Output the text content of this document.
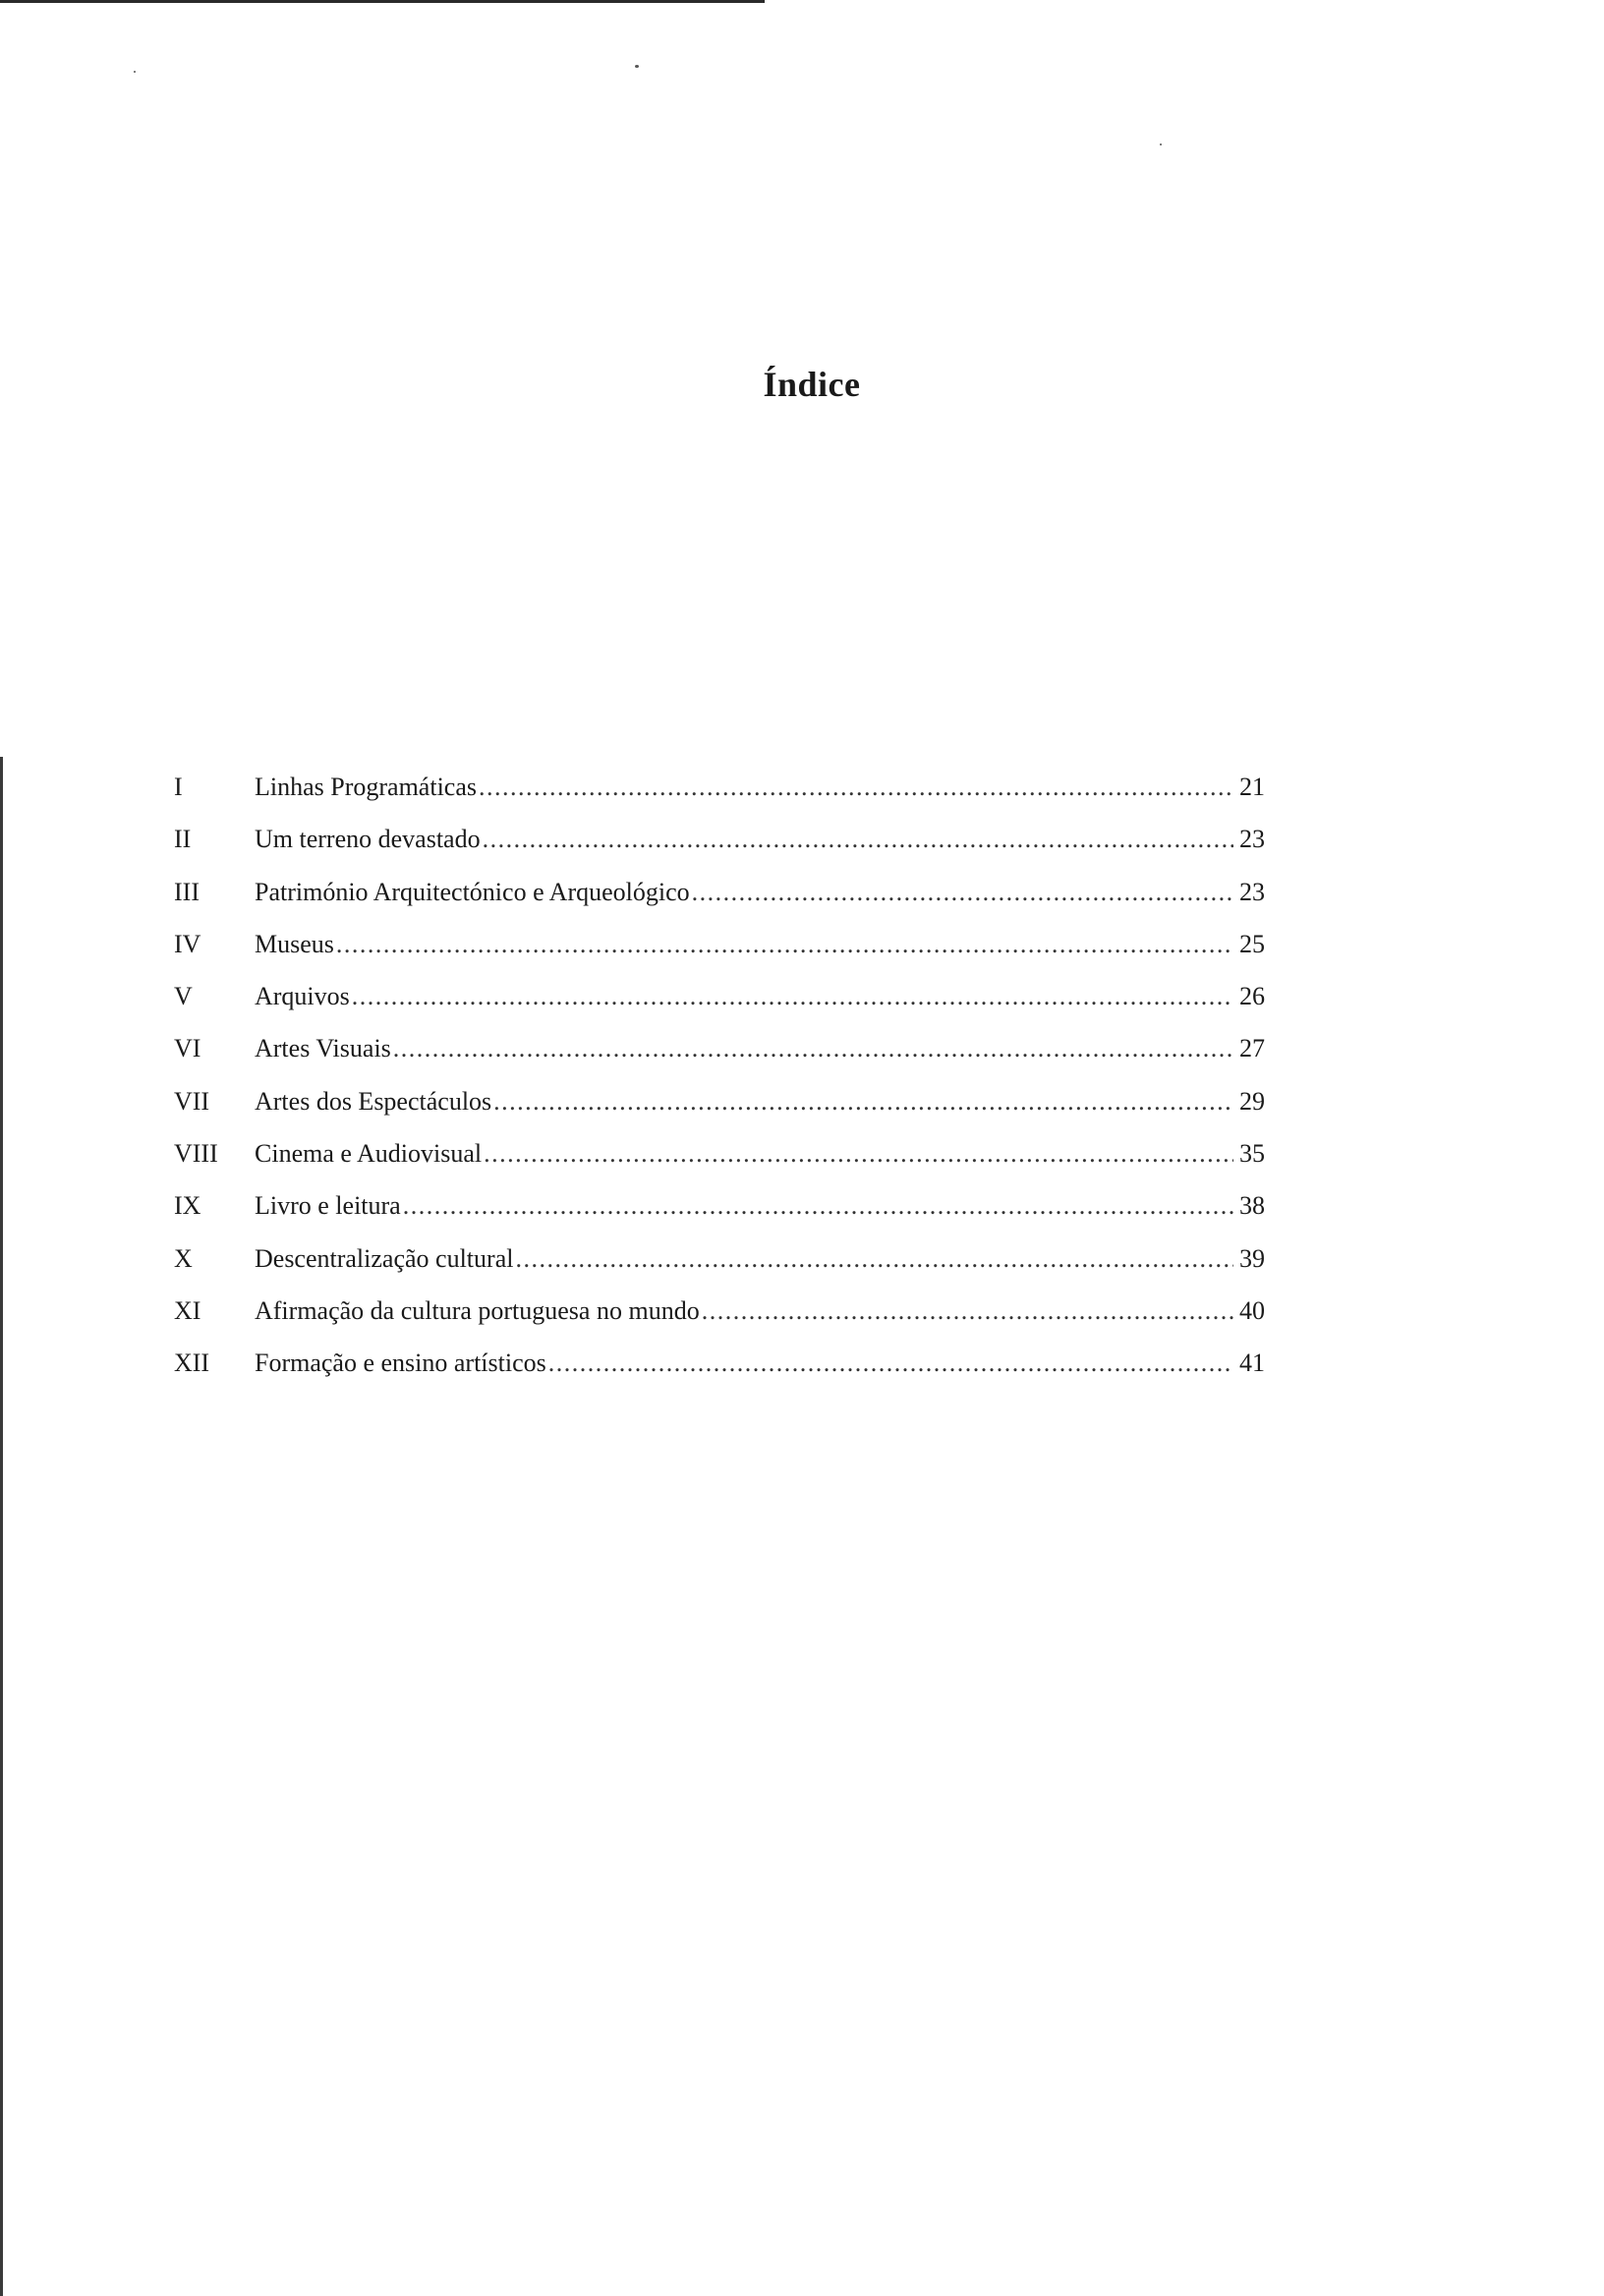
Índice
I	Linhas Programáticas .....	21
II	Um terreno devastado .....	23
III	Património Arquitectónico e Arqueológico .....	23
IV	Museus .....	25
V	Arquivos .....	26
VI	Artes Visuais .....	27
VII	Artes dos Espectáculos .....	29
VIII	Cinema e Audiovisual .....	35
IX	Livro e leitura .....	38
X	Descentralização cultural .....	39
XI	Afirmação da cultura portuguesa no mundo .....	40
XII	Formação e ensino artísticos .....	41
